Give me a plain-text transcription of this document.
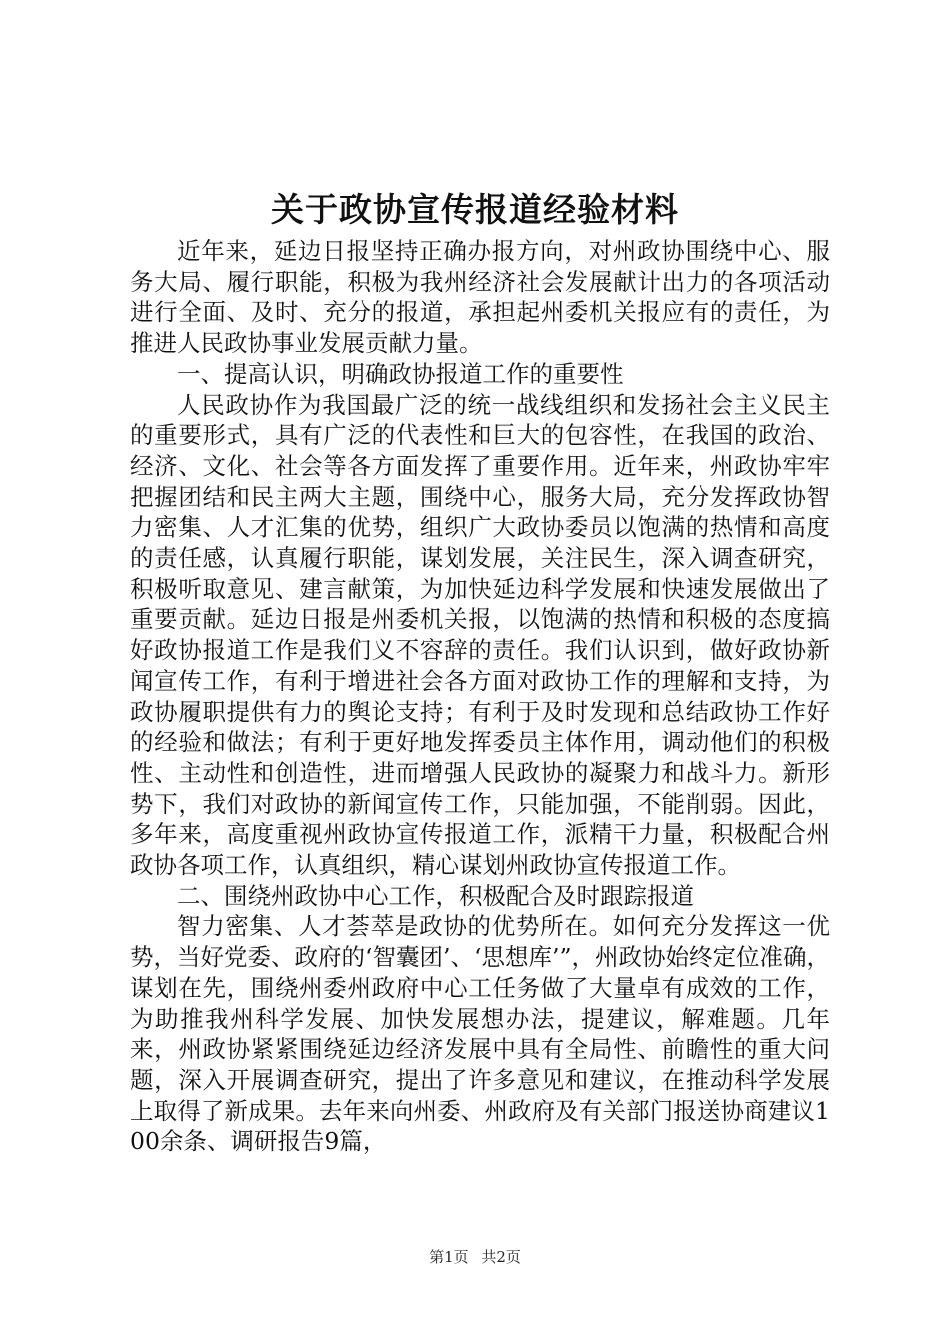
关于政协宣传报道经验材料

近年来，延边日报坚持正确办报方向，对州政协围绕中心、服务大局、履行职能，积极为我州经济社会发展献计出力的各项活动进行全面、及时、充分的报道，承担起州委机关报应有的责任，为推进人民政协事业发展贡献力量。

一、提高认识，明确政协报道工作的重要性

人民政协作为我国最广泛的统一战线组织和发扬社会主义民主的重要形式，具有广泛的代表性和巨大的包容性，在我国的政治、经济、文化、社会等各方面发挥了重要作用。近年来，州政协牢牢把握团结和民主两大主题，围绕中心，服务大局，充分发挥政协智力密集、人才汇集的优势，组织广大政协委员以饱满的热情和高度的责任感，认真履行职能，谋划发展，关注民生，深入调查研究，积极听取意见、建言献策，为加快延边科学发展和快速发展做出了重要贡献。延边日报是州委机关报，以饱满的热情和积极的态度搞好政协报道工作是我们义不容辞的责任。我们认识到，做好政协新闻宣传工作，有利于增进社会各方面对政协工作的理解和支持，为政协履职提供有力的舆论支持；有利于及时发现和总结政协工作好的经验和做法；有利于更好地发挥委员主体作用，调动他们的积极性、主动性和创造性，进而增强人民政协的凝聚力和战斗力。新形势下，我们对政协的新闻宣传工作，只能加强，不能削弱。因此，多年来，高度重视州政协宣传报道工作，派精干力量，积极配合州政协各项工作，认真组织，精心谋划州政协宣传报道工作。

二、围绕州政协中心工作，积极配合及时跟踪报道

智力密集、人才荟萃是政协的优势所在。如何充分发挥这一优势，当好党委、政府的‘智囊团’、‘思想库’”，州政协始终定位准确，谋划在先，围绕州委州政府中心工任务做了大量卓有成效的工作，为助推我州科学发展、加快发展想办法，提建议，解难题。几年来，州政协紧紧围绕延边经济发展中具有全局性、前瞻性的重大问题，深入开展调查研究，提出了许多意见和建议，在推动科学发展上取得了新成果。去年来向州委、州政府及有关部门报送协商建议100余条、调研报告9篇，

第1页 共2页
